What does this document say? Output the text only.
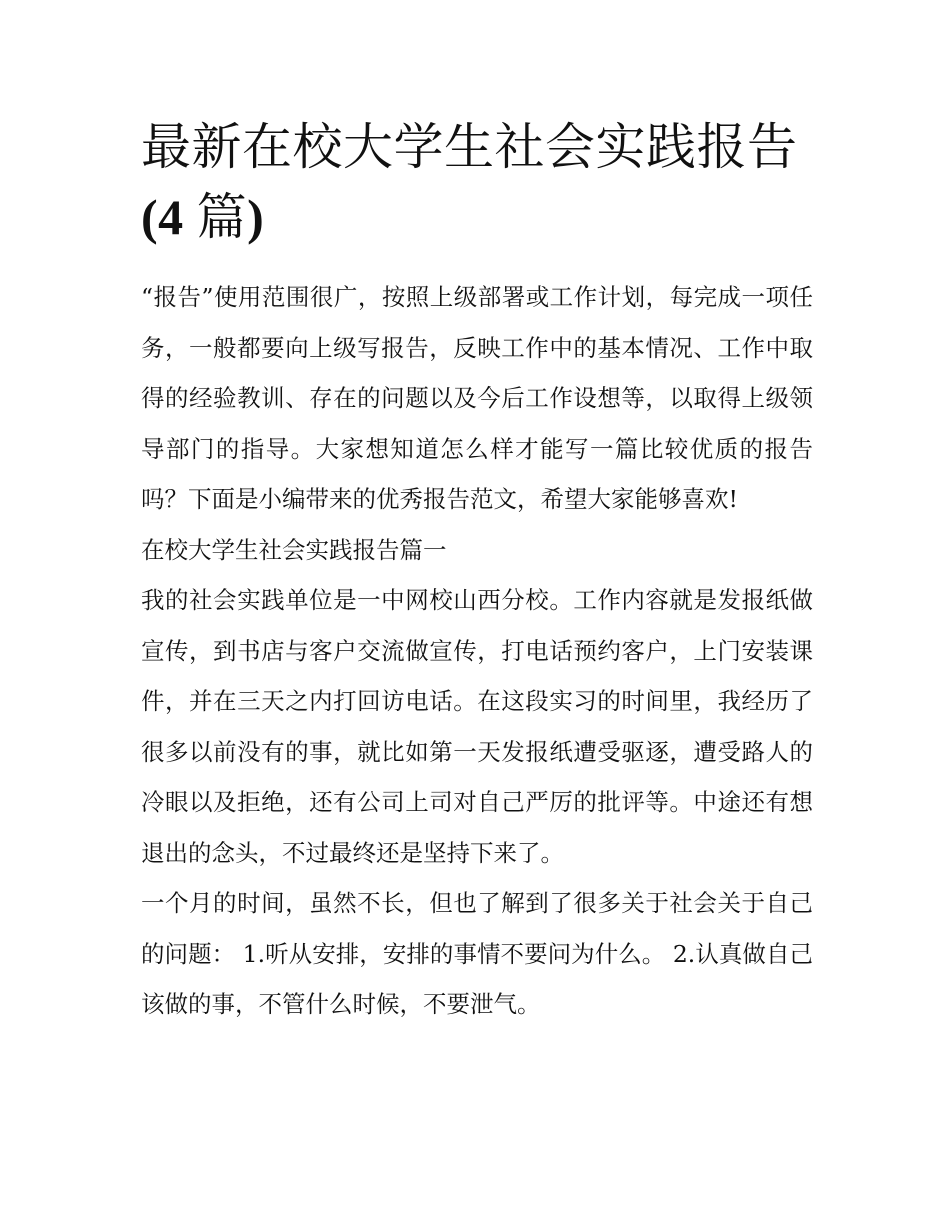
最新在校大学生社会实践报告
(4 篇)

“报告”使用范围很广，按照上级部署或工作计划，每完成一项任务，一般都要向上级写报告，反映工作中的基本情况、工作中取得的经验教训、存在的问题以及今后工作设想等，以取得上级领导部门的指导。大家想知道怎么样才能写一篇比较优质的报告吗？下面是小编带来的优秀报告范文，希望大家能够喜欢!

在校大学生社会实践报告篇一

我的社会实践单位是一中网校山西分校。工作内容就是发报纸做宣传，到书店与客户交流做宣传，打电话预约客户，上门安装课件，并在三天之内打回访电话。在这段实习的时间里，我经历了很多以前没有的事，就比如第一天发报纸遭受驱逐，遭受路人的冷眼以及拒绝，还有公司上司对自己严厉的批评等。中途还有想退出的念头，不过最终还是坚持下来了。

一个月的时间，虽然不长，但也了解到了很多关于社会关于自己的问题： 1.听从安排，安排的事情不要问为什么。 2.认真做自己该做的事，不管什么时候，不要泄气。
